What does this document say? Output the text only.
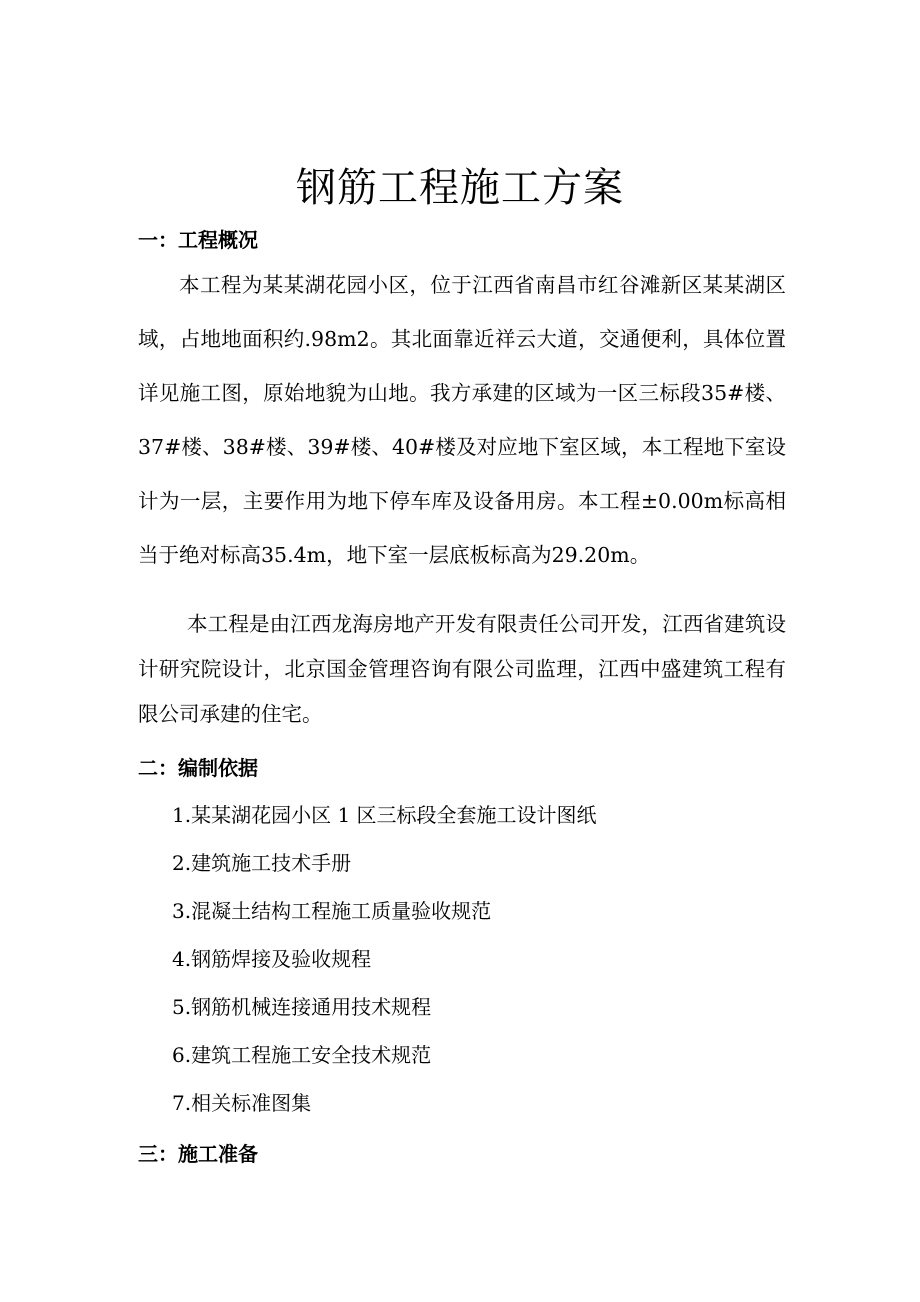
钢筋工程施工方案
一：工程概况

本工程为某某湖花园小区，位于江西省南昌市红谷滩新区某某湖区域，占地地面积约.98m2。其北面靠近祥云大道，交通便利，具体位置详见施工图，原始地貌为山地。我方承建的区域为一区三标段35#楼、37#楼、38#楼、39#楼、40#楼及对应地下室区域，本工程地下室设计为一层，主要作用为地下停车库及设备用房。本工程±0.00m标高相当于绝对标高35.4m，地下室一层底板标高为29.20m。

本工程是由江西龙海房地产开发有限责任公司开发，江西省建筑设计研究院设计，北京国金管理咨询有限公司监理，江西中盛建筑工程有限公司承建的住宅。

二：编制依据
1.某某湖花园小区 1 区三标段全套施工设计图纸
2.建筑施工技术手册
3.混凝土结构工程施工质量验收规范
4.钢筋焊接及验收规程
5.钢筋机械连接通用技术规程
6.建筑工程施工安全技术规范
7.相关标准图集
三：施工准备
